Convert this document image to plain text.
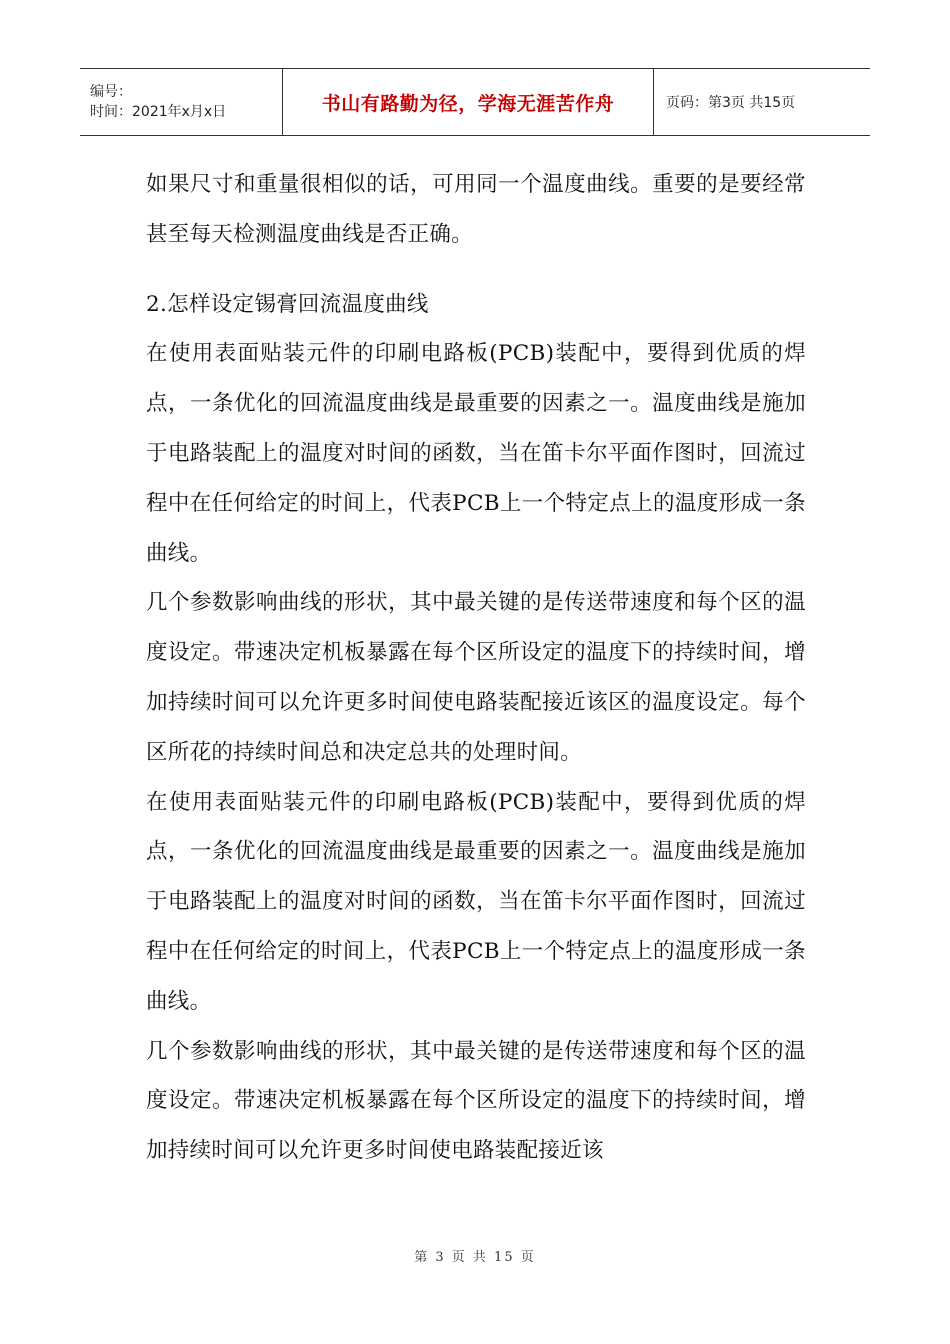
编号：
时间：2021年x月x日	书山有路勤为径，学海无涯苦作舟	页码：第3页 共15页

如果尺寸和重量很相似的话，可用同一个温度曲线。重要的是要经常甚至每天检测温度曲线是否正确。

2.怎样设定锡膏回流温度曲线

在使用表面贴装元件的印刷电路板(PCB)装配中，要得到优质的焊点，一条优化的回流温度曲线是最重要的因素之一。温度曲线是施加于电路装配上的温度对时间的函数，当在笛卡尔平面作图时，回流过程中在任何给定的时间上，代表PCB上一个特定点上的温度形成一条曲线。

几个参数影响曲线的形状，其中最关键的是传送带速度和每个区的温度设定。带速决定机板暴露在每个区所设定的温度下的持续时间，增加持续时间可以允许更多时间使电路装配接近该区的温度设定。每个区所花的持续时间总和决定总共的处理时间。

在使用表面贴装元件的印刷电路板(PCB)装配中，要得到优质的焊点，一条优化的回流温度曲线是最重要的因素之一。温度曲线是施加于电路装配上的温度对时间的函数，当在笛卡尔平面作图时，回流过程中在任何给定的时间上，代表PCB上一个特定点上的温度形成一条曲线。

几个参数影响曲线的形状，其中最关键的是传送带速度和每个区的温度设定。带速决定机板暴露在每个区所设定的温度下的持续时间，增加持续时间可以允许更多时间使电路装配接近该

第 3 页 共 15 页
